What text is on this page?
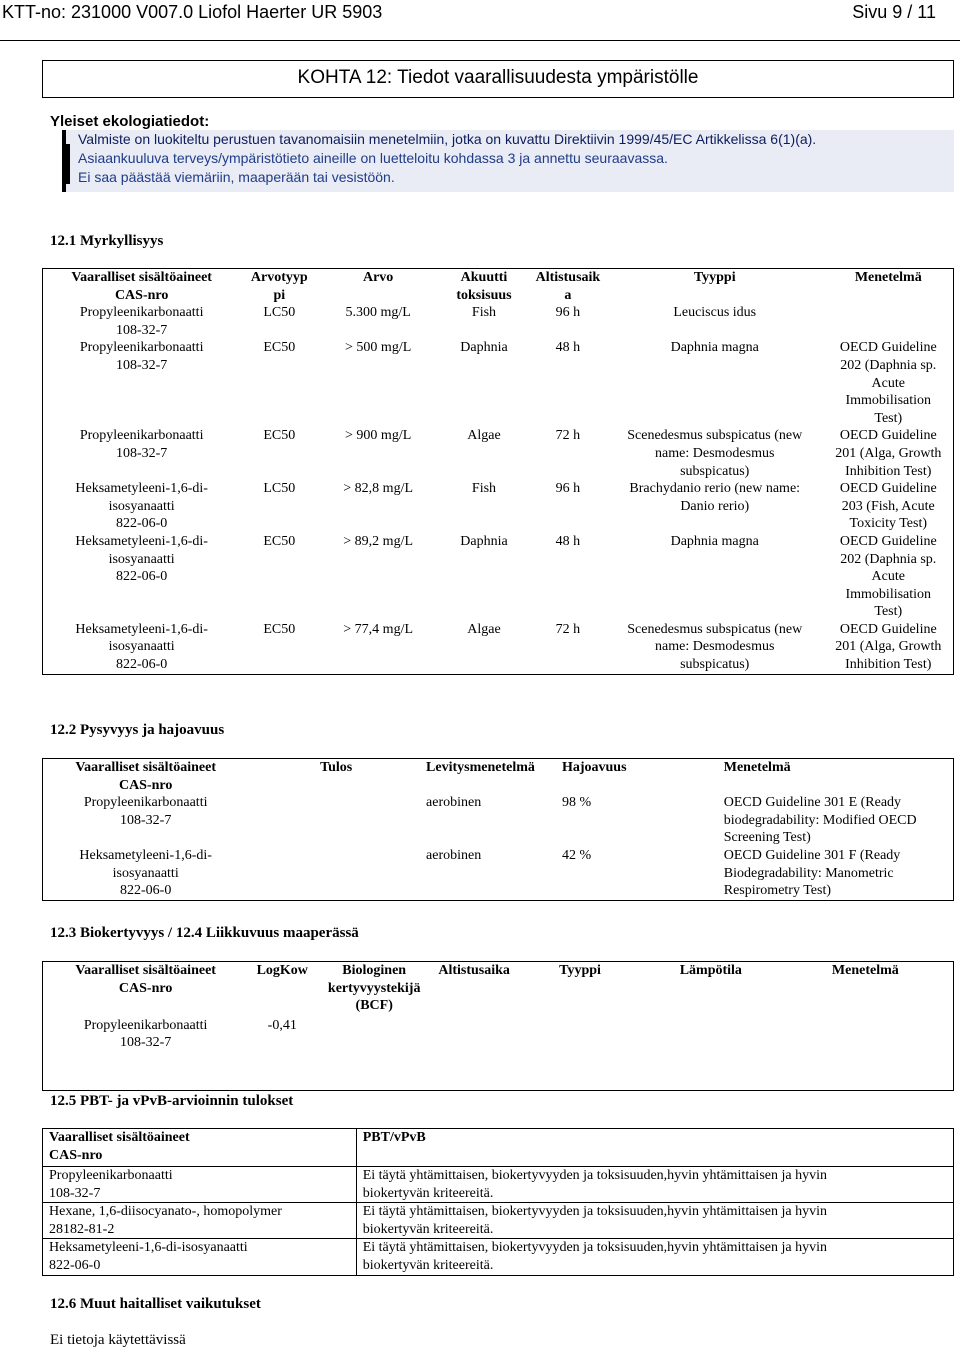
KTT-no: 231000 V007.0 Liofol Haerter UR 5903	Sivu 9 / 11
KOHTA 12: Tiedot vaarallisuudesta ympäristölle
Yleiset ekologiatiedot:
Valmiste on luokiteltu perustuen tavanomaisiin menetelmiin, jotka on kuvattu Direktiivin 1999/45/EC Artikkelissa 6(1)(a).
Asiaankuuluva terveys/ympäristötieto aineille on luetteloitu kohdassa 3 ja annettu seuraavassa.
Ei saa päästää viemäriin, maaperään tai vesistöön.
12.1 Myrkyllisyys
Vaaralliset sisältöaineet
CAS-nro	Arvotyyp
pi	Arvo	Akuutti
toksisuus	Altistusaik
a	Tyyppi	Menetelmä
Propyleenikarbonaatti
108-32-7	LC50	5.300 mg/L	Fish	96 h	Leuciscus idus	
Propyleenikarbonaatti
108-32-7	EC50	> 500 mg/L	Daphnia	48 h	Daphnia magna	OECD Guideline
202 (Daphnia sp.
Acute
Immobilisation
Test)
Propyleenikarbonaatti
108-32-7	EC50	> 900 mg/L	Algae	72 h	Scenedesmus subspicatus (new
name: Desmodesmus
subspicatus)	OECD Guideline
201 (Alga, Growth
Inhibition Test)
Heksametyleeni-1,6-di-
isosyanaatti
822-06-0	LC50	> 82,8 mg/L	Fish	96 h	Brachydanio rerio (new name:
Danio rerio)	OECD Guideline
203 (Fish, Acute
Toxicity Test)
Heksametyleeni-1,6-di-
isosyanaatti
822-06-0	EC50	> 89,2 mg/L	Daphnia	48 h	Daphnia magna	OECD Guideline
202 (Daphnia sp.
Acute
Immobilisation
Test)
Heksametyleeni-1,6-di-
isosyanaatti
822-06-0	EC50	> 77,4 mg/L	Algae	72 h	Scenedesmus subspicatus (new
name: Desmodesmus
subspicatus)	OECD Guideline
201 (Alga, Growth
Inhibition Test)
12.2 Pysyvyys ja hajoavuus
Vaaralliset sisältöaineet
CAS-nro	Tulos	Levitysmenetelmä	Hajoavuus	Menetelmä
Propyleenikarbonaatti
108-32-7		aerobinen	98 %	OECD Guideline 301 E (Ready
biodegradability: Modified OECD
Screening Test)
Heksametyleeni-1,6-di-
isosyanaatti
822-06-0		aerobinen	42 %	OECD Guideline 301 F (Ready
Biodegradability: Manometric
Respirometry Test)
12.3 Biokertyvyys / 12.4 Liikkuvuus maaperässä
Vaaralliset sisältöaineet
CAS-nro	LogKow	Biologinen
kertyvyystekijä
(BCF)	Altistusaika	Tyyppi	Lämpötila	Menetelmä
Propyleenikarbonaatti
108-32-7	-0,41					
12.5 PBT- ja vPvB-arvioinnin tulokset
Vaaralliset sisältöaineet
CAS-nro	PBT/vPvB
Propyleenikarbonaatti
108-32-7	Ei täytä yhtämittaisen, biokertyvyyden ja toksisuuden,hyvin yhtämittaisen ja hyvin
biokertyvän kriteereitä.
Hexane, 1,6-diisocyanato-, homopolymer
28182-81-2	Ei täytä yhtämittaisen, biokertyvyyden ja toksisuuden,hyvin yhtämittaisen ja hyvin
biokertyvän kriteereitä.
Heksametyleeni-1,6-di-isosyanaatti
822-06-0	Ei täytä yhtämittaisen, biokertyvyyden ja toksisuuden,hyvin yhtämittaisen ja hyvin
biokertyvän kriteereitä.
12.6 Muut haitalliset vaikutukset
Ei tietoja käytettävissä
